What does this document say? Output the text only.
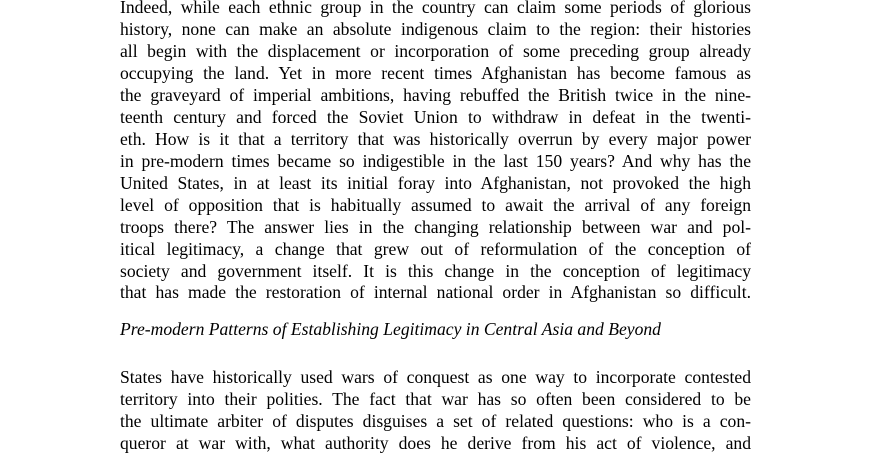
Indeed, while each ethnic group in the country can claim some periods of glorious

history, none can make an absolute indigenous claim to the region: their histories

all begin with the displacement or incorporation of some preceding group already

occupying the land. Yet in more recent times Afghanistan has become famous as

the graveyard of imperial ambitions, having rebuffed the British twice in the nine-

teenth century and forced the Soviet Union to withdraw in defeat in the twenti-

eth. How is it that a territory that was historically overrun by every major power

in pre-modern times became so indigestible in the last 150 years? And why has the

United States, in at least its initial foray into Afghanistan, not provoked the high

level of opposition that is habitually assumed to await the arrival of any foreign

troops there? The answer lies in the changing relationship between war and pol-

itical legitimacy, a change that grew out of reformulation of the conception of

society and government itself. It is this change in the conception of legitimacy

that has made the restoration of internal national order in Afghanistan so difficult.

Pre-modern Patterns of Establishing Legitimacy in Central Asia and Beyond

States have historically used wars of conquest as one way to incorporate contested

territory into their polities. The fact that war has so often been considered to be

the ultimate arbiter of disputes disguises a set of related questions: who is a con-

queror at war with, what authority does he derive from his act of violence, and
